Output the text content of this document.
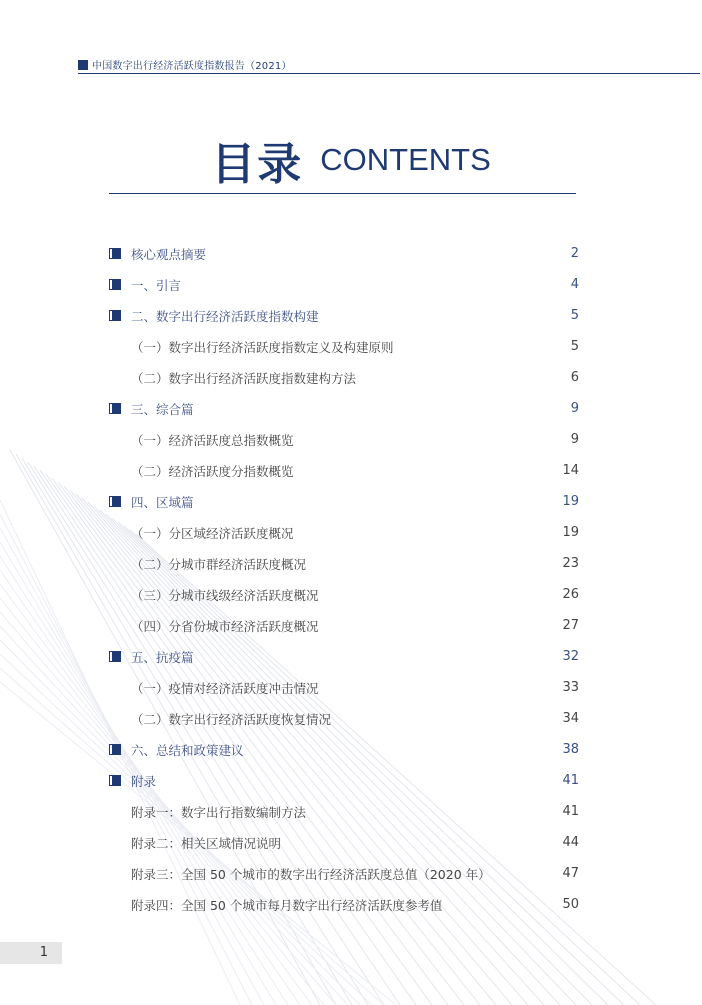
中国数字出行经济活跃度指数报告（2021）
目录 CONTENTS
核心观点摘要	2
一、引言	4
二、数字出行经济活跃度指数构建	5
（一）数字出行经济活跃度指数定义及构建原则	5
（二）数字出行经济活跃度指数建构方法	6
三、综合篇	9
（一）经济活跃度总指数概览	9
（二）经济活跃度分指数概览	14
四、区域篇	19
（一）分区域经济活跃度概况	19
（二）分城市群经济活跃度概况	23
（三）分城市线级经济活跃度概况	26
（四）分省份城市经济活跃度概况	27
五、抗疫篇	32
（一）疫情对经济活跃度冲击情况	33
（二）数字出行经济活跃度恢复情况	34
六、总结和政策建议	38
附录	41
附录一：数字出行指数编制方法	41
附录二：相关区域情况说明	44
附录三：全国 50 个城市的数字出行经济活跃度总值（2020 年）	47
附录四：全国 50 个城市每月数字出行经济活跃度参考值	50
1
